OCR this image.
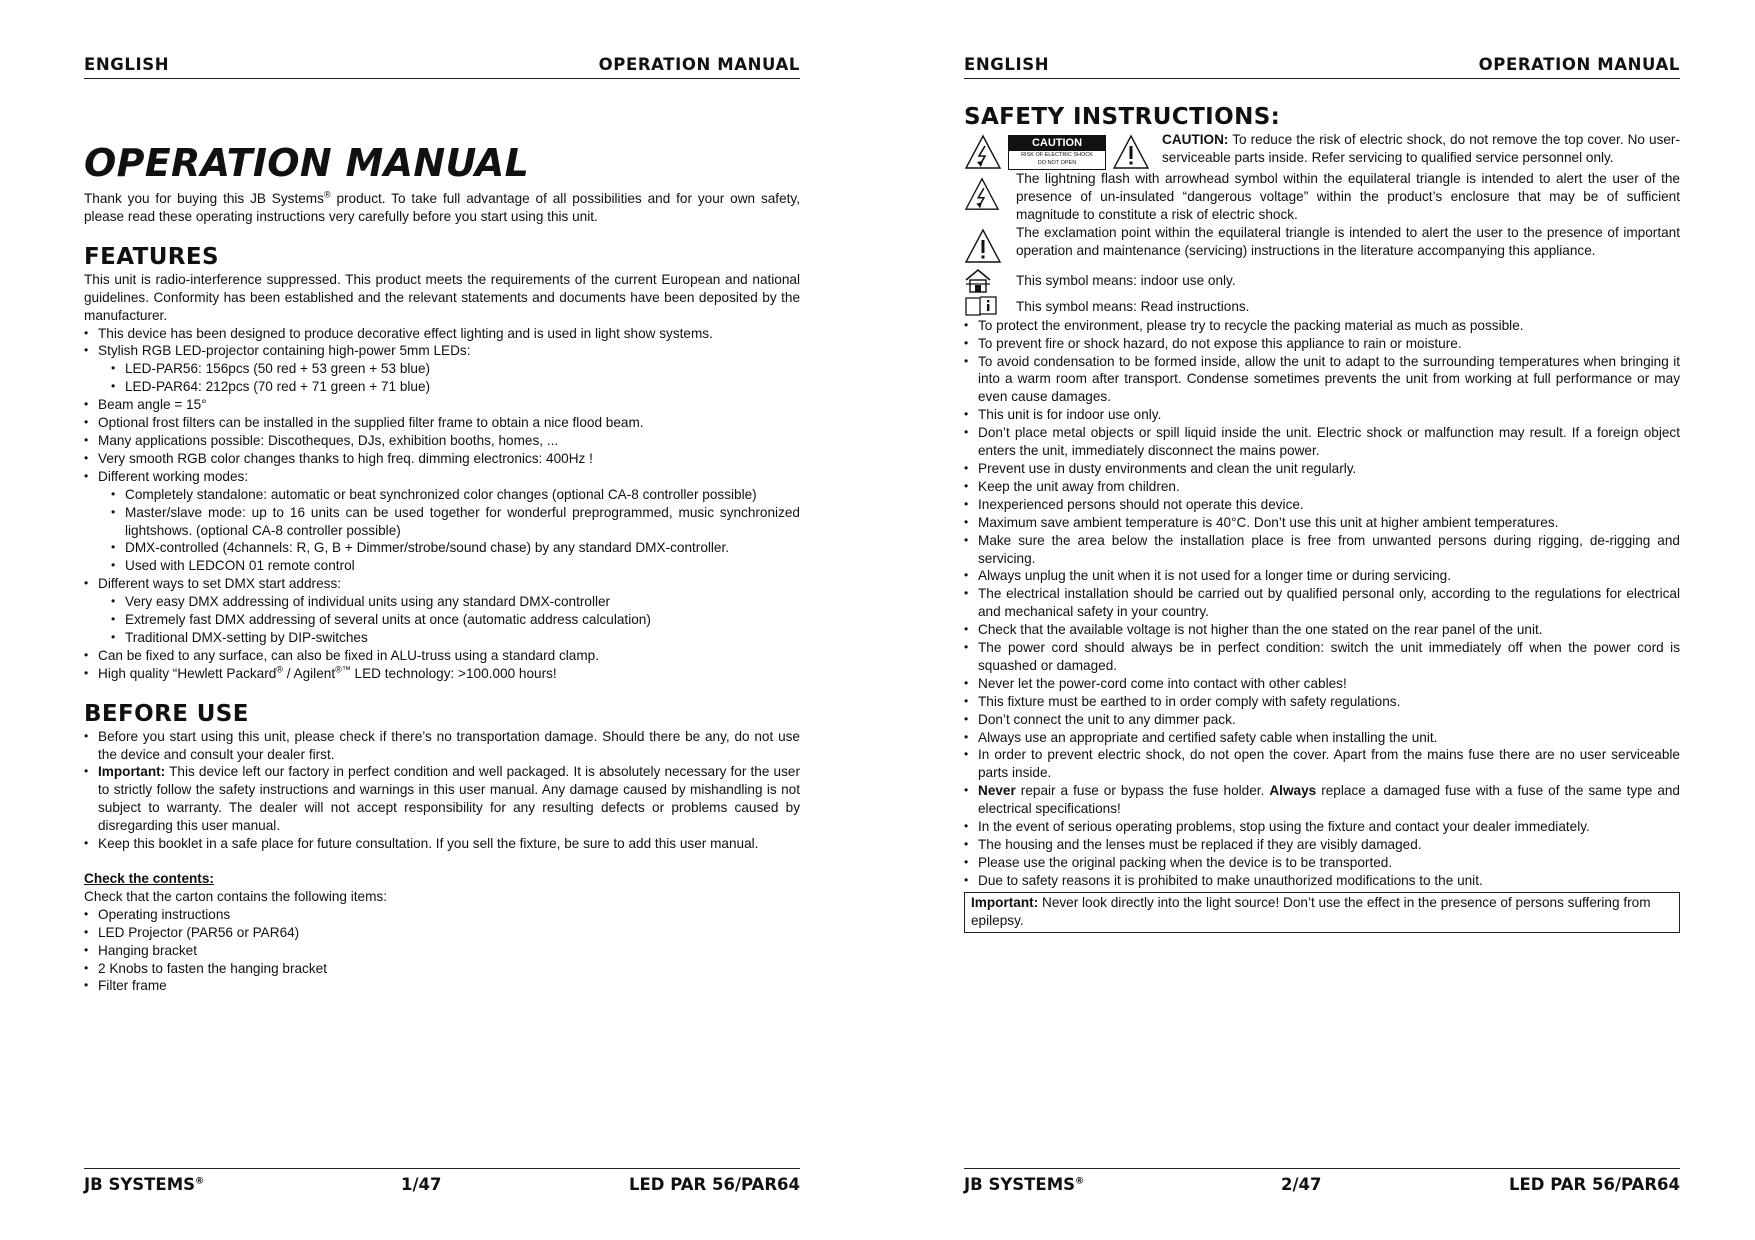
ENGLISH	OPERATION MANUAL
OPERATION MANUAL

Thank you for buying this JB Systems® product. To take full advantage of all possibilities and for your own safety, please read these operating instructions very carefully before you start using this unit.

FEATURES

This unit is radio-interference suppressed. This product meets the requirements of the current European and national guidelines. Conformity has been established and the relevant statements and documents have been deposited by the manufacturer.

• This device has been designed to produce decorative effect lighting and is used in light show systems.
• Stylish RGB LED-projector containing high-power 5mm LEDs:
• LED-PAR56: 156pcs (50 red + 53 green + 53 blue)
• LED-PAR64: 212pcs (70 red + 71 green + 71 blue)
• Beam angle = 15°
• Optional frost filters can be installed in the supplied filter frame to obtain a nice flood beam.
• Many applications possible: Discotheques, DJs, exhibition booths, homes, ...
• Very smooth RGB color changes thanks to high freq. dimming electronics: 400Hz !
• Different working modes:
• Completely standalone: automatic or beat synchronized color changes (optional CA-8 controller possible)
• Master/slave mode: up to 16 units can be used together for wonderful preprogrammed, music synchronized lightshows. (optional CA-8 controller possible)
• DMX-controlled (4channels: R, G, B + Dimmer/strobe/sound chase) by any standard DMX-controller.
• Used with LEDCON 01 remote control
• Different ways to set DMX start address:
• Very easy DMX addressing of individual units using any standard DMX-controller
• Extremely fast DMX addressing of several units at once (automatic address calculation)
• Traditional DMX-setting by DIP-switches
• Can be fixed to any surface, can also be fixed in ALU-truss using a standard clamp.
• High quality “Hewlett Packard® / Agilent®™ LED technology: >100.000 hours!
BEFORE USE
• Before you start using this unit, please check if there’s no transportation damage. Should there be any, do not use the device and consult your dealer first.
• Important: This device left our factory in perfect condition and well packaged. It is absolutely necessary for the user to strictly follow the safety instructions and warnings in this user manual. Any damage caused by mishandling is not subject to warranty. The dealer will not accept responsibility for any resulting defects or problems caused by disregarding this user manual.
• Keep this booklet in a safe place for future consultation. If you sell the fixture, be sure to add this user manual.

Check the contents:

Check that the carton contains the following items:

• Operating instructions
• LED Projector (PAR56 or PAR64)
• Hanging bracket
• 2 Knobs to fasten the hanging bracket
• Filter frame
JB SYSTEMS®	1/47	LED PAR 56/PAR64
ENGLISH	OPERATION MANUAL
SAFETY INSTRUCTIONS:
CAUTION
RISK OF ELECTRIC SHOCK
DO NOT OPEN
CAUTION: To reduce the risk of electric shock, do not remove the top cover. No user-serviceable parts inside. Refer servicing to qualified service personnel only.
The lightning flash with arrowhead symbol within the equilateral triangle is intended to alert the user of the presence of un-insulated “dangerous voltage” within the product’s enclosure that may be of sufficient magnitude to constitute a risk of electric shock.
The exclamation point within the equilateral triangle is intended to alert the user to the presence of important operation and maintenance (servicing) instructions in the literature accompanying this appliance.
This symbol means: indoor use only.
This symbol means: Read instructions.
• To protect the environment, please try to recycle the packing material as much as possible.
• To prevent fire or shock hazard, do not expose this appliance to rain or moisture.
• To avoid condensation to be formed inside, allow the unit to adapt to the surrounding temperatures when bringing it into a warm room after transport. Condense sometimes prevents the unit from working at full performance or may even cause damages.
• This unit is for indoor use only.
• Don’t place metal objects or spill liquid inside the unit. Electric shock or malfunction may result. If a foreign object enters the unit, immediately disconnect the mains power.
• Prevent use in dusty environments and clean the unit regularly.
• Keep the unit away from children.
• Inexperienced persons should not operate this device.
• Maximum save ambient temperature is 40°C. Don’t use this unit at higher ambient temperatures.
• Make sure the area below the installation place is free from unwanted persons during rigging, de-rigging and servicing.
• Always unplug the unit when it is not used for a longer time or during servicing.
• The electrical installation should be carried out by qualified personal only, according to the regulations for electrical and mechanical safety in your country.
• Check that the available voltage is not higher than the one stated on the rear panel of the unit.
• The power cord should always be in perfect condition: switch the unit immediately off when the power cord is squashed or damaged.
• Never let the power-cord come into contact with other cables!
• This fixture must be earthed to in order comply with safety regulations.
• Don’t connect the unit to any dimmer pack.
• Always use an appropriate and certified safety cable when installing the unit.
• In order to prevent electric shock, do not open the cover. Apart from the mains fuse there are no user serviceable parts inside.
• Never repair a fuse or bypass the fuse holder. Always replace a damaged fuse with a fuse of the same type and electrical specifications!
• In the event of serious operating problems, stop using the fixture and contact your dealer immediately.
• The housing and the lenses must be replaced if they are visibly damaged.
• Please use the original packing when the device is to be transported.
• Due to safety reasons it is prohibited to make unauthorized modifications to the unit.
Important: Never look directly into the light source! Don’t use the effect in the presence of persons suffering from epilepsy.
JB SYSTEMS®	2/47	LED PAR 56/PAR64
